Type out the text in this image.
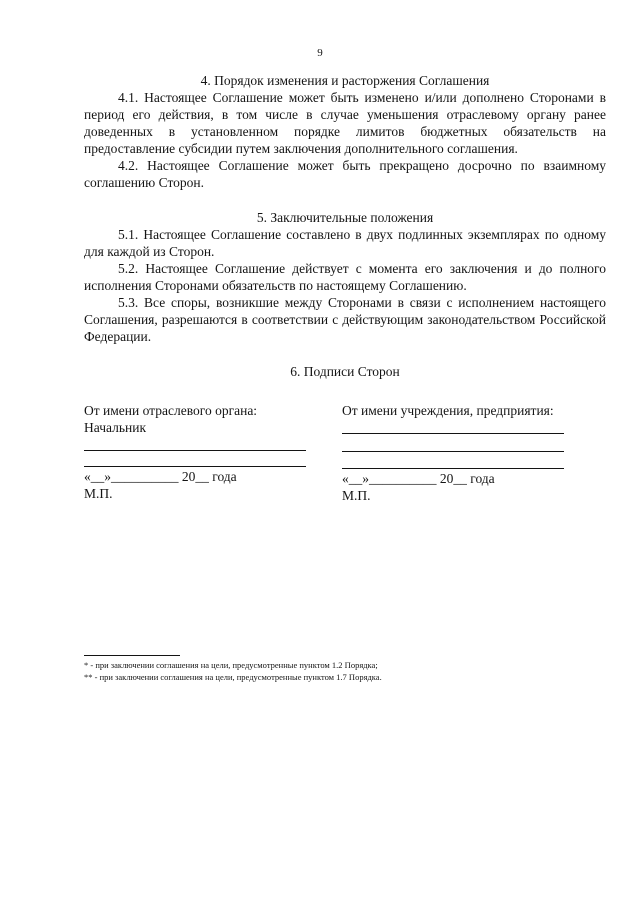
9

4. Порядок изменения и расторжения Соглашения

4.1. Настоящее Соглашение может быть изменено и/или дополнено Сторонами в период его действия, в том числе в случае уменьшения отраслевому органу ранее доведенных в установленном порядке лимитов бюджетных обязательств на предоставление субсидии путем заключения дополнительного соглашения.

4.2. Настоящее Соглашение может быть прекращено досрочно по взаимному соглашению Сторон.

5. Заключительные положения

5.1. Настоящее Соглашение составлено в двух подлинных экземплярах по одному для каждой из Сторон.

5.2. Настоящее Соглашение действует с момента его заключения и до полного исполнения Сторонами обязательств по настоящему Соглашению.

5.3. Все споры, возникшие между Сторонами в связи с исполнением настоящего Соглашения, разрешаются в соответствии с действующим законодательством Российской Федерации.

6. Подписи Сторон

От имени отраслевого органа:
Начальник
«__»__________ 20__ года
М.П.
От имени учреждения, предприятия:
«__»__________ 20__ года
М.П.

* - при заключении соглашения на цели, предусмотренные пунктом 1.2 Порядка;

** - при заключении соглашения на цели, предусмотренные пунктом 1.7 Порядка.
